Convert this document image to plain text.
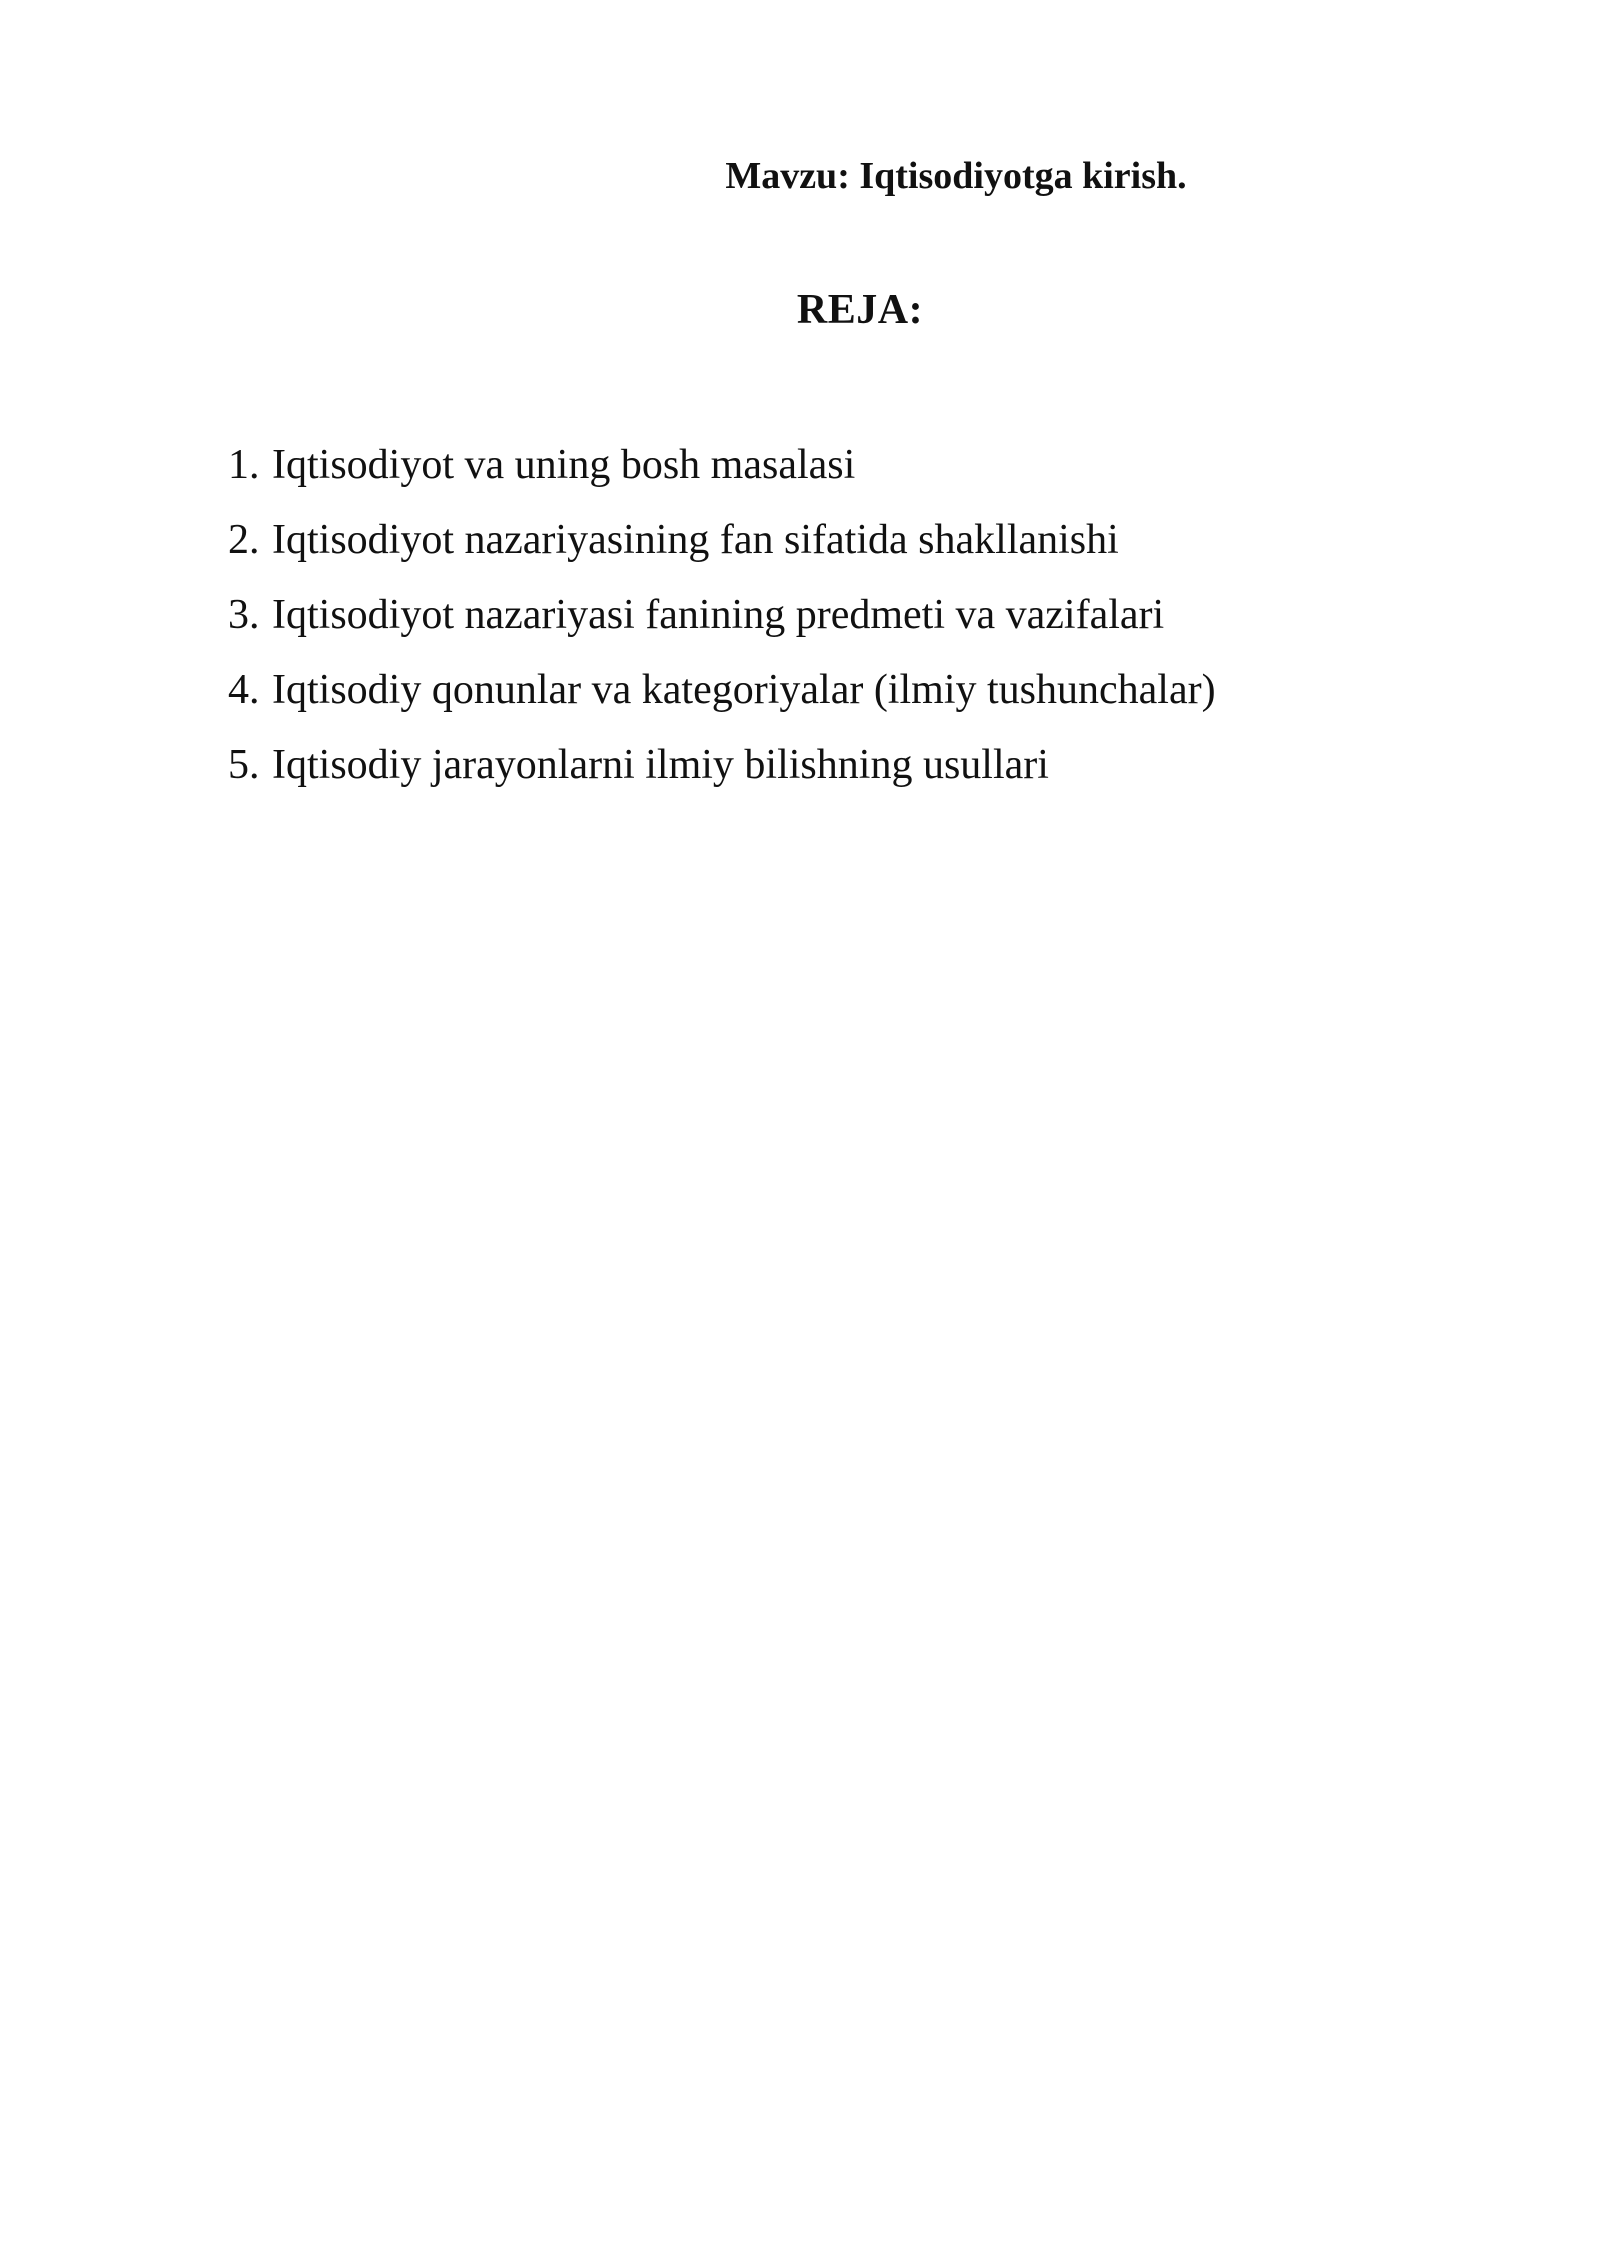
Mavzu: Iqtisodiyotga kirish.
REJA:
1. Iqtisodiyot va uning bosh masalasi
2. Iqtisodiyot nazariyasining fan sifatida shakllanishi
3. Iqtisodiyot nazariyasi fanining predmeti va vazifalari
4. Iqtisodiy qonunlar va kategoriyalar (ilmiy tushunchalar)
5. Iqtisodiy jarayonlarni ilmiy bilishning usullari
